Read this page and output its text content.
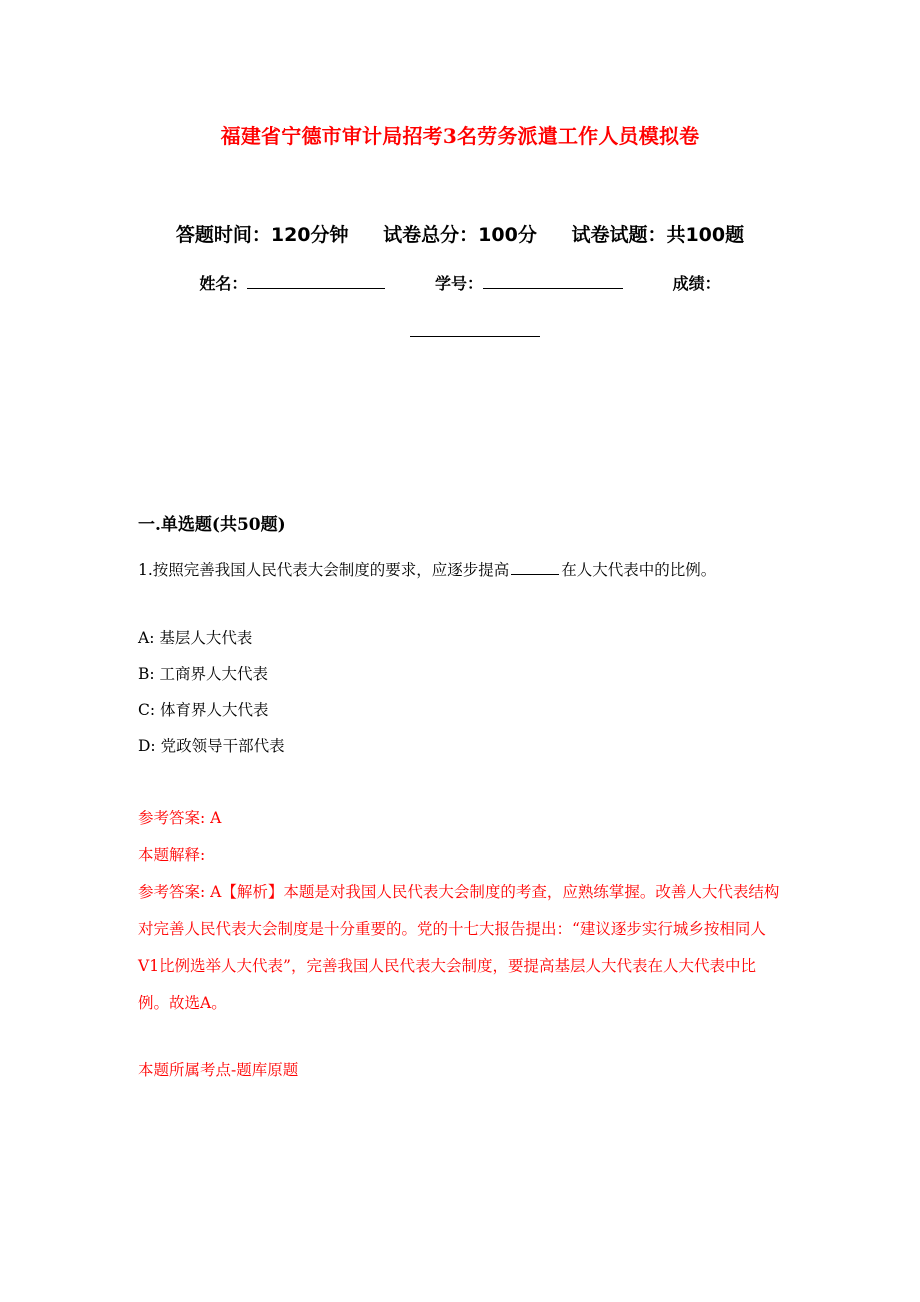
福建省宁德市审计局招考3名劳务派遣工作人员模拟卷
答题时间：120分钟 试卷总分：100分 试卷试题：共100题
姓名：	学号：	成绩：
一.单选题(共50题)
1.按照完善我国人民代表大会制度的要求，应逐步提高	在人大代表中的比例。
A: 基层人大代表
B: 工商界人大代表
C: 体育界人大代表
D: 党政领导干部代表
参考答案: A
本题解释:
参考答案: A【解析】本题是对我国人民代表大会制度的考查，应熟练掌握。改善人大代表结构对完善人民代表大会制度是十分重要的。党的十七大报告提出：“建议逐步实行城乡按相同人V1比例选举人大代表”，完善我国人民代表大会制度，要提高基层人大代表在人大代表中比例。故选A。
本题所属考点-题库原题
